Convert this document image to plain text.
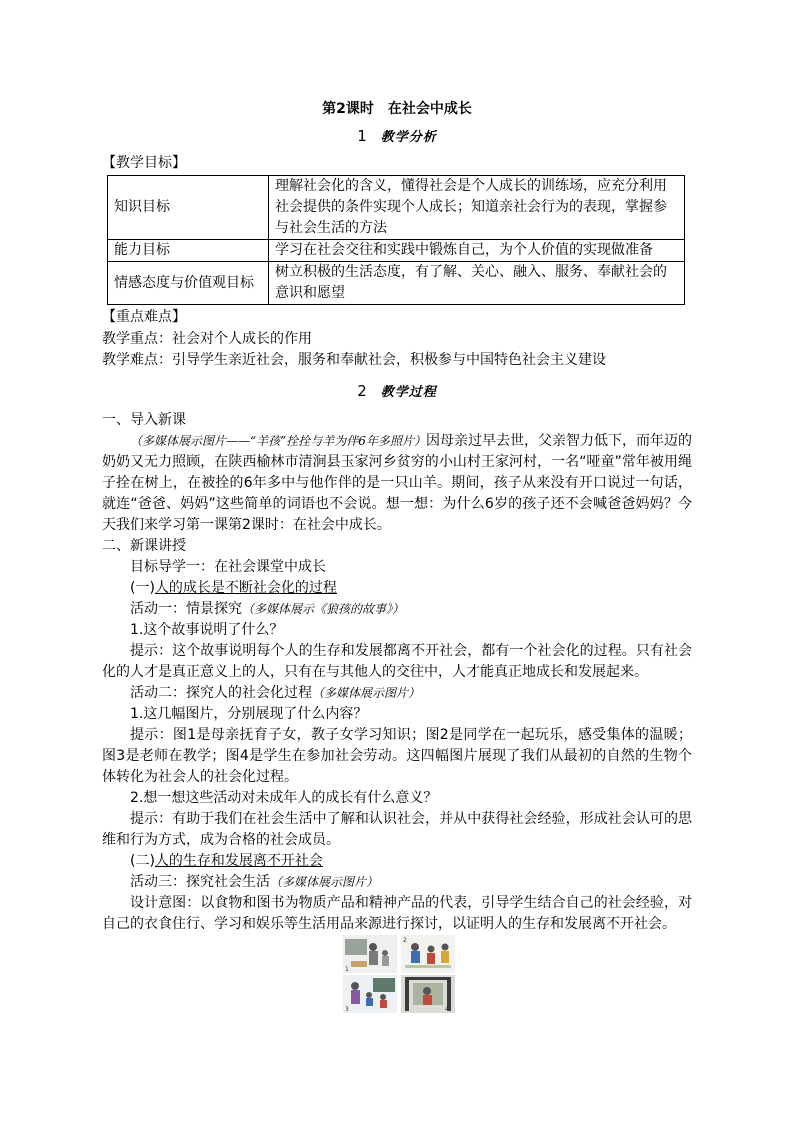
第2课时　在社会中成长
1 教学分析
【教学目标】
知识目标	理解社会化的含义，懂得社会是个人成长的训练场，应充分利用社会提供的条件实现个人成长；知道亲社会行为的表现，掌握参与社会生活的方法
能力目标	学习在社会交往和实践中锻炼自己，为个人价值的实现做准备
情感态度与价值观目标	树立积极的生活态度，有了解、关心、融入、服务、奉献社会的意识和愿望
【重点难点】

教学重点：社会对个人成长的作用

教学难点：引导学生亲近社会，服务和奉献社会，积极参与中国特色社会主义建设

2 教学过程

一、导入新课

（多媒体展示图片——“羊孩”拴拴与羊为伴6年多照片）因母亲过早去世，父亲智力低下，而年迈的奶奶又无力照顾，在陕西榆林市清涧县玉家河乡贫穷的小山村王家河村，一名“哑童”常年被用绳子拴在树上，在被拴的6年多中与他作伴的是一只山羊。期间，孩子从来没有开口说过一句话，就连“爸爸、妈妈”这些简单的词语也不会说。想一想：为什么6岁的孩子还不会喊爸爸妈妈？今天我们来学习第一课第2课时：在社会中成长。

二、新课讲授

目标导学一：在社会课堂中成长

(一)人的成长是不断社会化的过程

活动一：情景探究（多媒体展示《狼孩的故事》）

1.这个故事说明了什么？

提示：这个故事说明每个人的生存和发展都离不开社会，都有一个社会化的过程。只有社会化的人才是真正意义上的人，只有在与其他人的交往中，人才能真正地成长和发展起来。

活动二：探究人的社会化过程（多媒体展示图片）

1.这几幅图片，分别展现了什么内容？

提示：图1是母亲抚育子女，教子女学习知识；图2是同学在一起玩乐，感受集体的温暖；图3是老师在教学；图4是学生在参加社会劳动。这四幅图片展现了我们从最初的自然的生物个体转化为社会人的社会化过程。

2.想一想这些活动对未成年人的成长有什么意义？

提示：有助于我们在社会生活中了解和认识社会，并从中获得社会经验，形成社会认可的思维和行为方式，成为合格的社会成员。

(二)人的生存和发展离不开社会

活动三：探究社会生活（多媒体展示图片）

设计意图：以食物和图书为物质产品和精神产品的代表，引导学生结合自己的社会经验，对自己的衣食住行、学习和娱乐等生活用品来源进行探讨，以证明人的生存和发展离不开社会。

1
2
3	4
